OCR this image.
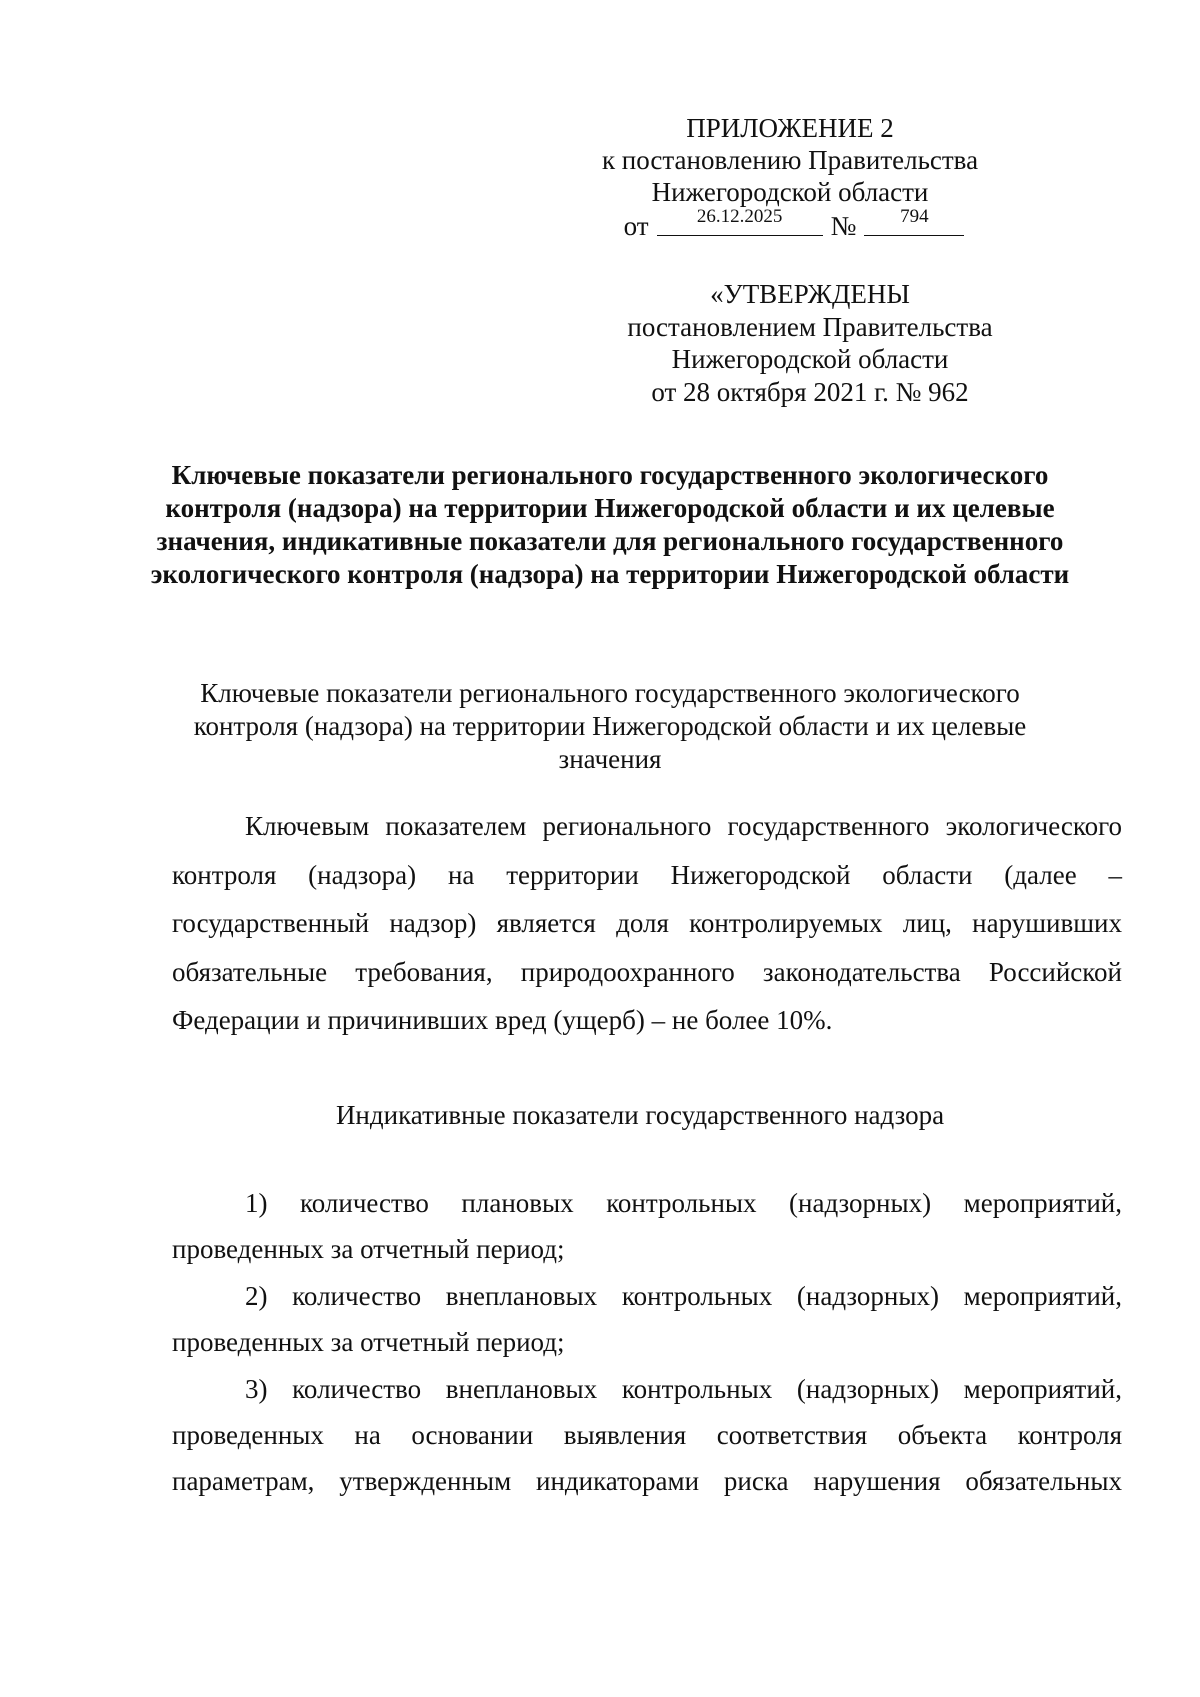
ПРИЛОЖЕНИЕ 2
к постановлению Правительства
Нижегородской области
от	26.12.2025	№	794
«УТВЕРЖДЕНЫ
постановлением Правительства
Нижегородской области
от 28 октября 2021 г. № 962
Ключевые показатели регионального государственного экологического контроля (надзора) на территории Нижегородской области и их целевые значения, индикативные показатели для регионального государственного экологического контроля (надзора) на территории Нижегородской области
Ключевые показатели регионального государственного экологического контроля (надзора) на территории Нижегородской области и их целевые значения

Ключевым показателем регионального государственного экологического контроля (надзора) на территории Нижегородской области (далее – государственный надзор) является доля контролируемых лиц, нарушивших обязательные требования, природоохранного законодательства Российской Федерации и причинивших вред (ущерб) – не более 10%.

Индикативные показатели государственного надзора

1) количество плановых контрольных (надзорных) мероприятий, проведенных за отчетный период;

2) количество внеплановых контрольных (надзорных) мероприятий, проведенных за отчетный период;

3) количество внеплановых контрольных (надзорных) мероприятий, проведенных на основании выявления соответствия объекта контроля параметрам, утвержденным индикаторами риска нарушения обязательных
